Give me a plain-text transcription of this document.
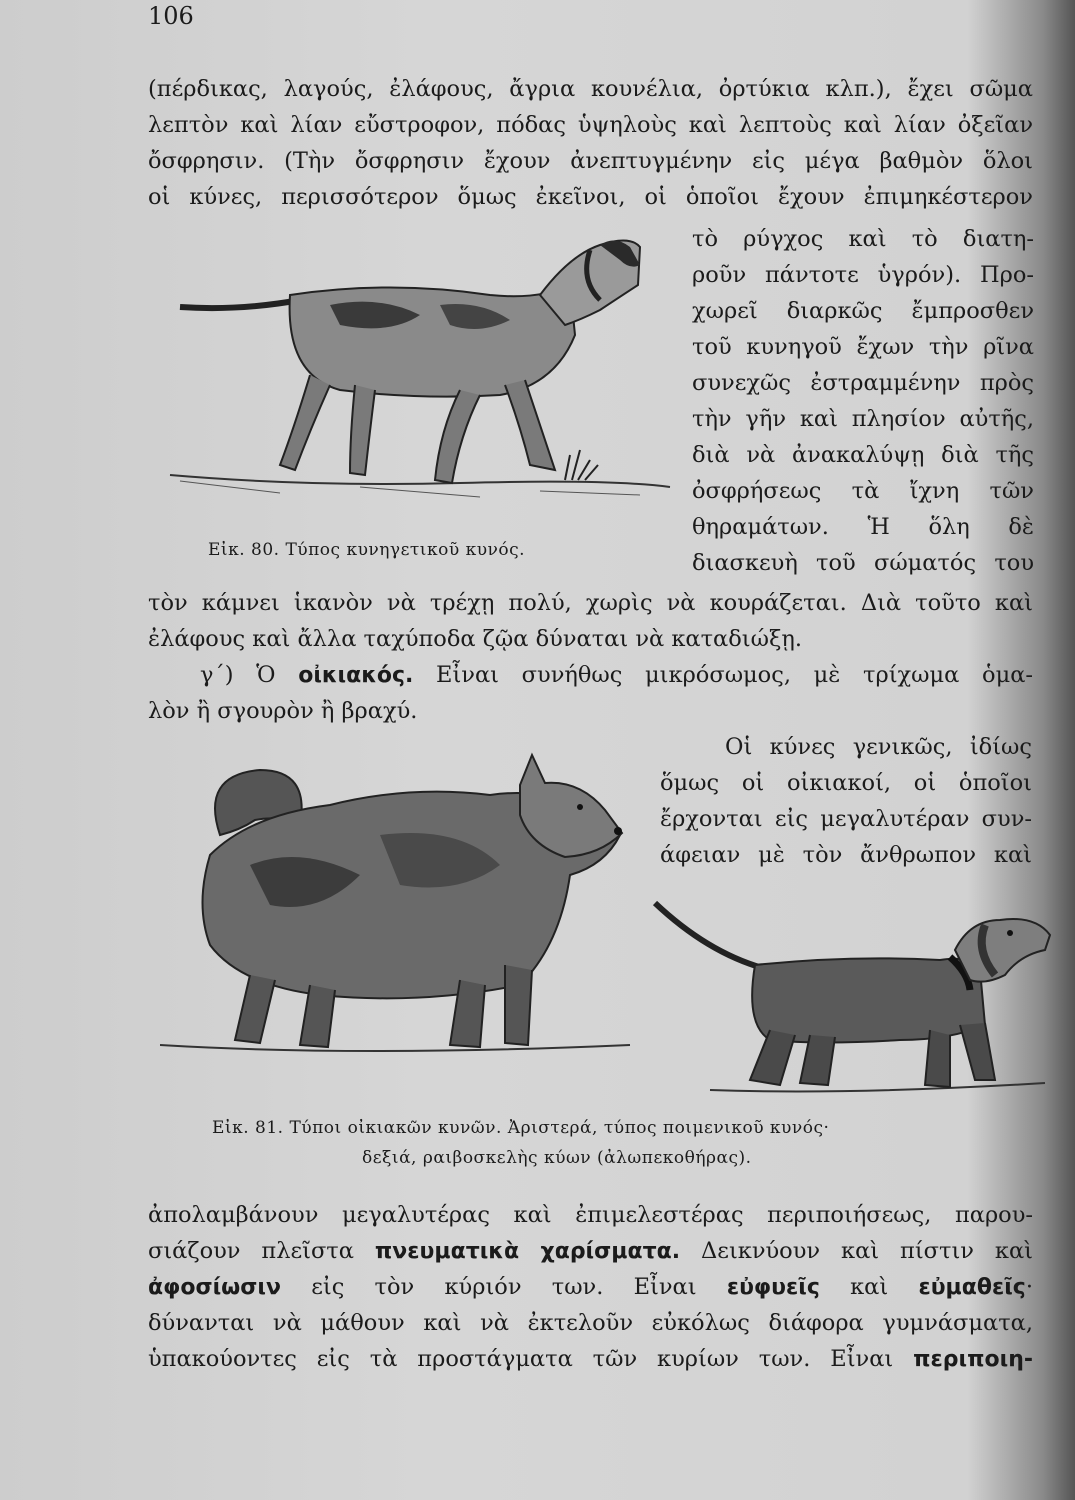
106
(πέρδικας, λαγούς, ἐλάφους, ἄγρια κουνέλια, ὀρτύκια κλπ.), ἔχει σῶμα
λεπτὸν καὶ λίαν εὔστροφον, πόδας ὑψηλοὺς καὶ λεπτοὺς καὶ λίαν ὀξεῖαν
ὄσφρησιν. (Τὴν ὄσφρησιν ἔχουν ἀνεπτυγμένην εἰς μέγα βαθμὸν ὅλοι
οἱ κύνες, περισσότερον ὅμως ἐκεῖνοι, οἱ ὁποῖοι ἔχουν ἐπιμηκέστερον
τὸ ρύγχος καὶ τὸ διατη-
ροῦν πάντοτε ὑγρόν). Προ-
χωρεῖ διαρκῶς ἔμπροσθεν
τοῦ κυνηγοῦ ἔχων τὴν ρῖνα
συνεχῶς ἐστραμμένην πρὸς
τὴν γῆν καὶ πλησίον αὐτῆς,
διὰ νὰ ἀνακαλύψῃ διὰ τῆς
ὀσφρήσεως τὰ ἴχνη τῶν
θηραμάτων. Ἡ ὅλη δὲ
διασκευὴ τοῦ σώματός του
Εἰκ. 80. Τύπος κυνηγετικοῦ κυνός.
τὸν κάμνει ἱκανὸν νὰ τρέχῃ πολύ, χωρὶς νὰ κουράζεται. Διὰ τοῦτο καὶ
ἐλάφους καὶ ἄλλα ταχύποδα ζῷα δύναται νὰ καταδιώξῃ.
γ΄) Ὁ οἰκιακός. Εἶναι συνήθως μικρόσωμος, μὲ τρίχωμα ὁμα-
λὸν ἢ σγουρὸν ἢ βραχύ.
Οἱ κύνες γενικῶς, ἰδίως
ὅμως οἱ οἰκιακοί, οἱ ὁποῖοι
ἔρχονται εἰς μεγαλυτέραν συν-
άφειαν μὲ τὸν ἄνθρωπον καὶ
Εἰκ. 81. Τύποι οἰκιακῶν κυνῶν. Ἀριστερά, τύπος ποιμενικοῦ κυνός·
δεξιά, ραιβοσκελὴς κύων (ἀλωπεκοθήρας).
ἀπολαμβάνουν μεγαλυτέρας καὶ ἐπιμελεστέρας περιποιήσεως, παρου-
σιάζουν πλεῖστα πνευματικὰ χαρίσματα. Δεικνύουν καὶ πίστιν καὶ
ἀφοσίωσιν εἰς τὸν κύριόν των. Εἶναι εὐφυεῖς καὶ εὐμαθεῖς·
δύνανται νὰ μάθουν καὶ νὰ ἐκτελοῦν εὐκόλως διάφορα γυμνάσματα,
ὑπακούοντες εἰς τὰ προστάγματα τῶν κυρίων των. Εἶναι περιποιη-
